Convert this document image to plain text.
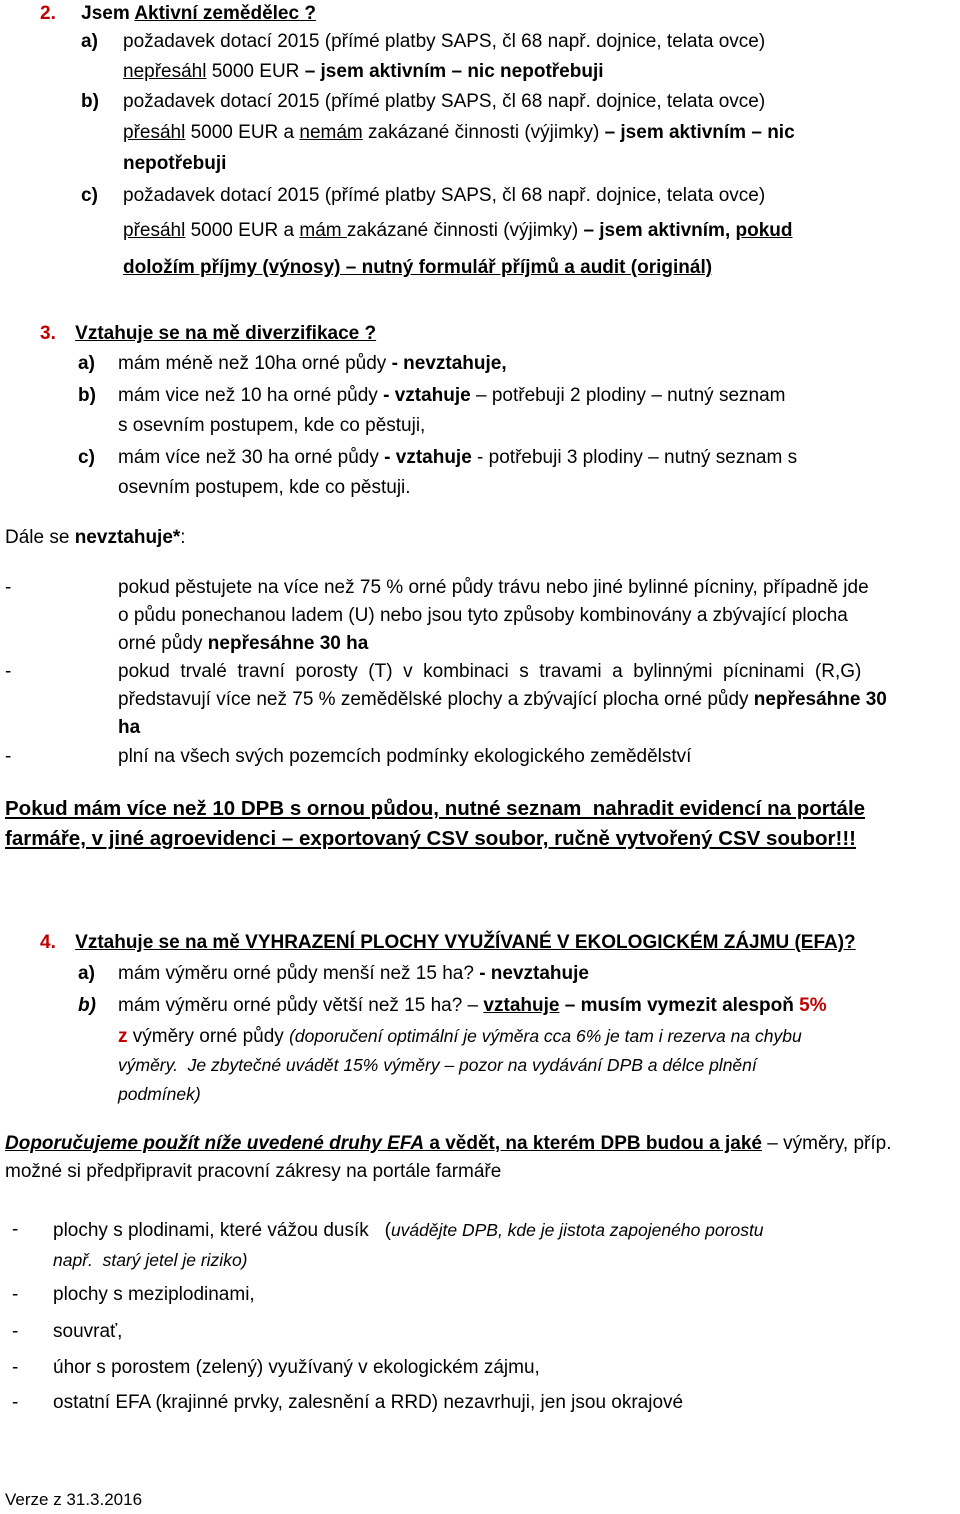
2. Jsem Aktivní zemědělec ?
a) požadavek dotací 2015 (přímé platby SAPS, čl 68 např. dojnice, telata ovce)
nepřesáhl 5000 EUR – jsem aktivním – nic nepotřebuji
b) požadavek dotací 2015 (přímé platby SAPS, čl 68 např. dojnice, telata ovce)
přesáhl 5000 EUR a nemám zakázané činnosti (výjimky) – jsem aktivním – nic
nepotřebuji
c) požadavek dotací 2015 (přímé platby SAPS, čl 68 např. dojnice, telata ovce)
přesáhl 5000 EUR a mám zakázané činnosti (výjimky) – jsem aktivním, pokud
doložím příjmy (výnosy) – nutný formulář příjmů a audit (originál)
3. Vztahuje se na mě diverzifikace ?
a) mám méně než 10ha orné půdy - nevztahuje,
b) mám vice než 10 ha orné půdy - vztahuje – potřebuji 2 plodiny – nutný seznam
s osevním postupem, kde co pěstuji,
c) mám více než 30 ha orné půdy - vztahuje - potřebuji 3 plodiny – nutný seznam s
osevním postupem, kde co pěstuji.
Dále se nevztahuje*:
-	pokud pěstujete na více než 75 % orné půdy trávu nebo jiné bylinné pícniny, případně jde
o půdu ponechanou ladem (U) nebo jsou tyto způsoby kombinovány a zbývající plocha
orné půdy nepřesáhne 30 ha
-	pokud  trvalé  travní  porosty  (T)  v  kombinaci  s  travami  a  bylinnými  pícninami  (R,G)
představují více než 75 % zemědělské plochy a zbývající plocha orné půdy nepřesáhne 30
ha
-	plní na všech svých pozemcích podmínky ekologického zemědělství
Pokud mám více než 10 DPB s ornou půdou, nutné seznam  nahradit evidencí na portále
farmáře, v jiné agroevidenci – exportovaný CSV soubor, ručně vytvořený CSV soubor!!!
4. Vztahuje se na mě VYHRAZENÍ PLOCHY VYUŽÍVANÉ V EKOLOGICKÉM ZÁJMU (EFA)?
a) mám výměru orné půdy menší než 15 ha? - nevztahuje
b) mám výměru orné půdy větší než 15 ha? – vztahuje – musím vymezit alespoň 5%
z výměry orné půdy (doporučení optimální je výměra cca 6% je tam i rezerva na chybu
výměry.  Je zbytečné uvádět 15% výměry – pozor na vydávání DPB a délce plnění
podmínek)
Doporučujeme použít níže uvedené druhy EFA a vědět, na kterém DPB budou a jaké – výměry, příp.
možné si předpřipravit pracovní zákresy na portále farmáře
- plochy s plodinami, které vážou dusík   (uvádějte DPB, kde je jistota zapojeného porostu
např.  starý jetel je riziko)
- plochy s meziplodinami,
- souvrať,
- úhor s porostem (zelený) využívaný v ekologickém zájmu,
- ostatní EFA (krajinné prvky, zalesnění a RRD) nezavrhuji, jen jsou okrajové
Verze z 31.3.2016
